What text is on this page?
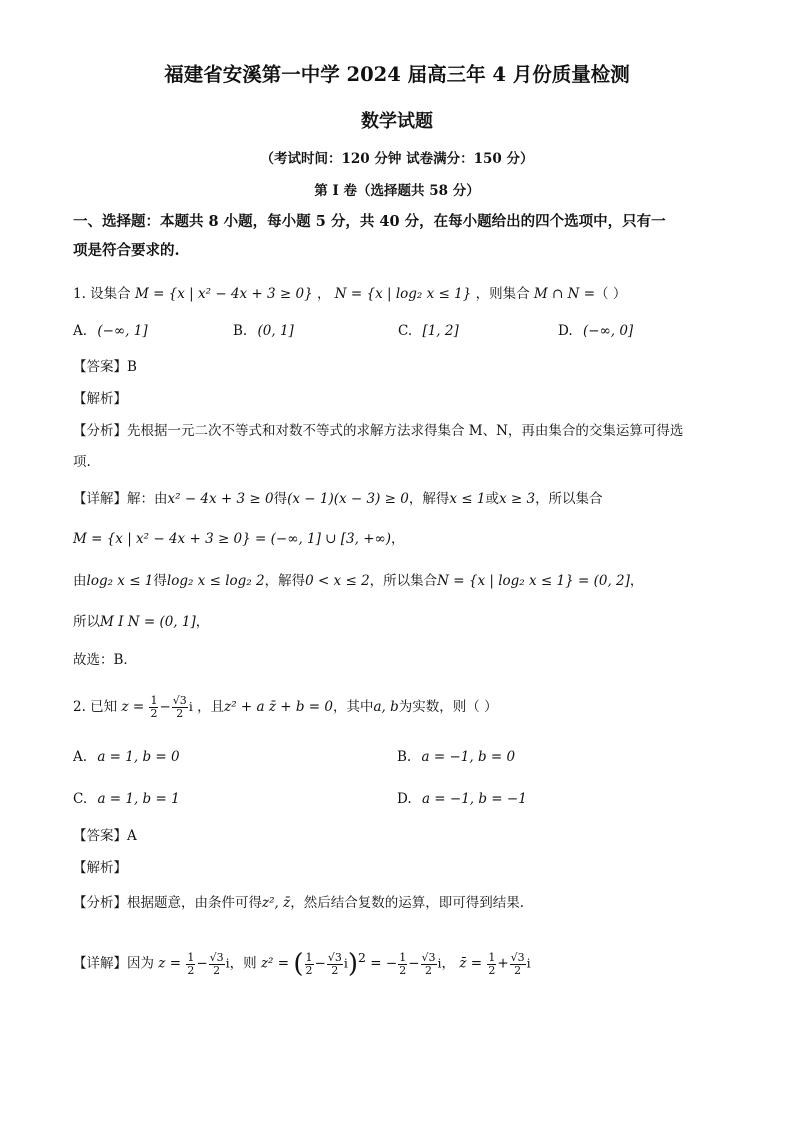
福建省安溪第一中学 2024 届高三年 4 月份质量检测
数学试题
（考试时间：120 分钟 试卷满分：150 分）
第 I 卷（选择题共 58 分）
一、选择题：本题共 8 小题，每小题 5 分，共 40 分，在每小题给出的四个选项中，只有一
项是符合要求的.
1. 设集合 M = {x | x² − 4x + 3 ≥ 0} ， N = {x | log₂ x ≤ 1} ，则集合 M ∩ N =（ ）
A. (−∞, 1]	B. (0, 1]	C. [1, 2]	D. (−∞, 0]
【答案】B
【解析】
【分析】先根据一元二次不等式和对数不等式的求解方法求得集合 M、N，再由集合的交集运算可得选
项.
【详解】解：由x² − 4x + 3 ≥ 0得(x − 1)(x − 3) ≥ 0，解得x ≤ 1或x ≥ 3，所以集合
M = {x | x² − 4x + 3 ≥ 0} = (−∞, 1] ∪ [3, +∞)，
由log₂ x ≤ 1得log₂ x ≤ log₂ 2，解得0 < x ≤ 2，所以集合N = {x | log₂ x ≤ 1} = (0, 2]，
所以M I N = (0, 1]，
故选：B．
2. 已知 $z = \frac{1}{2} - \frac{√3}{2}$ i ，且z² + a z̄ + b = 0，其中a, b为实数，则（ ）
A. a = 1, b = 0	B. a = −1, b = 0
C. a = 1, b = 1	D. a = −1, b = −1
【答案】A
【解析】
【分析】根据题意，由条件可得z², z̄，然后结合复数的运算，即可得到结果.
【详解】因为 $z = \frac{1}{2} - \frac{√3}{2}$ i，则 z² = ( $\frac{1}{2} - \frac{√3}{2} i)^2$ = − $\frac{1}{2} - \frac{√3}{2}$ i， z̄ = $\frac{1}{2} + \frac{√3}{2}$ i
